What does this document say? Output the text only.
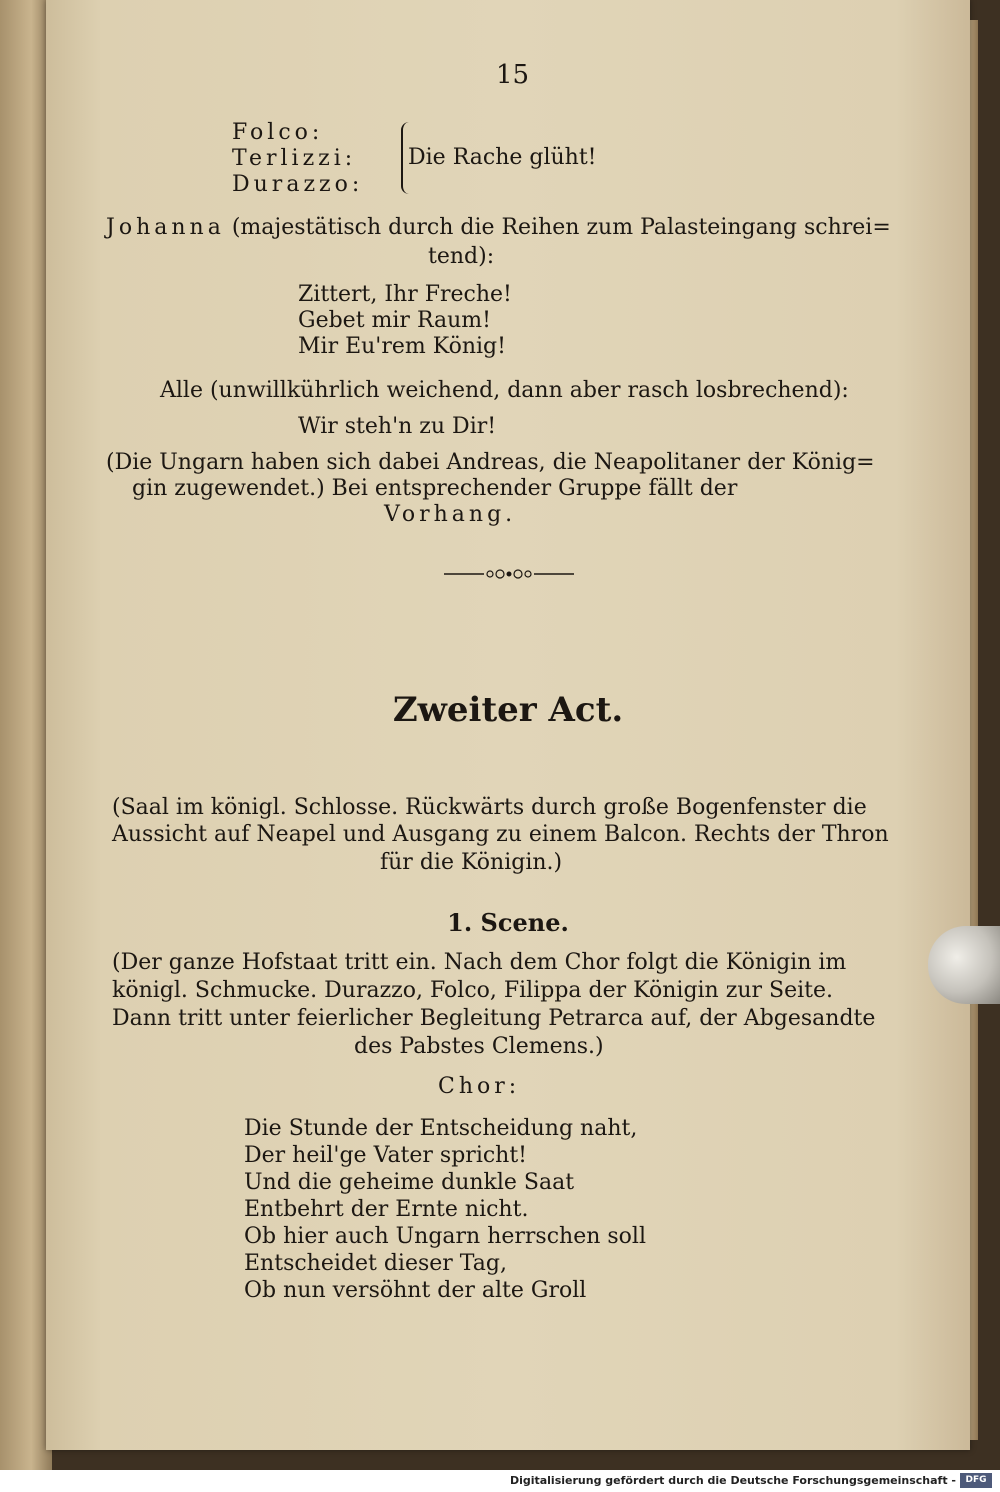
15
Folco:
Terlizzi:
Durazzo:
Die Rache glüht!
Johanna (majestätisch durch die Reihen zum Palasteingang schrei=
tend):
Zittert, Ihr Freche!
Gebet mir Raum!
Mir Eu'rem König!
Alle (unwillkührlich weichend, dann aber rasch losbrechend):
Wir steh'n zu Dir!
(Die Ungarn haben sich dabei Andreas, die Neapolitaner der König=
gin zugewendet.) Bei entsprechender Gruppe fällt der
Vorhang.
Zweiter Act.
(Saal im königl. Schlosse. Rückwärts durch große Bogenfenster die
Aussicht auf Neapel und Ausgang zu einem Balcon. Rechts der Thron
für die Königin.)
1. Scene.
(Der ganze Hofstaat tritt ein. Nach dem Chor folgt die Königin im
königl. Schmucke. Durazzo, Folco, Filippa der Königin zur Seite.
Dann tritt unter feierlicher Begleitung Petrarca auf, der Abgesandte
des Pabstes Clemens.)
Chor:
Die Stunde der Entscheidung naht,
Der heil'ge Vater spricht!
Und die geheime dunkle Saat
Entbehrt der Ernte nicht.
Ob hier auch Ungarn herrschen soll
Entscheidet dieser Tag,
Ob nun versöhnt der alte Groll
Digitalisierung gefördert durch die Deutsche Forschungsgemeinschaft -	DFG
